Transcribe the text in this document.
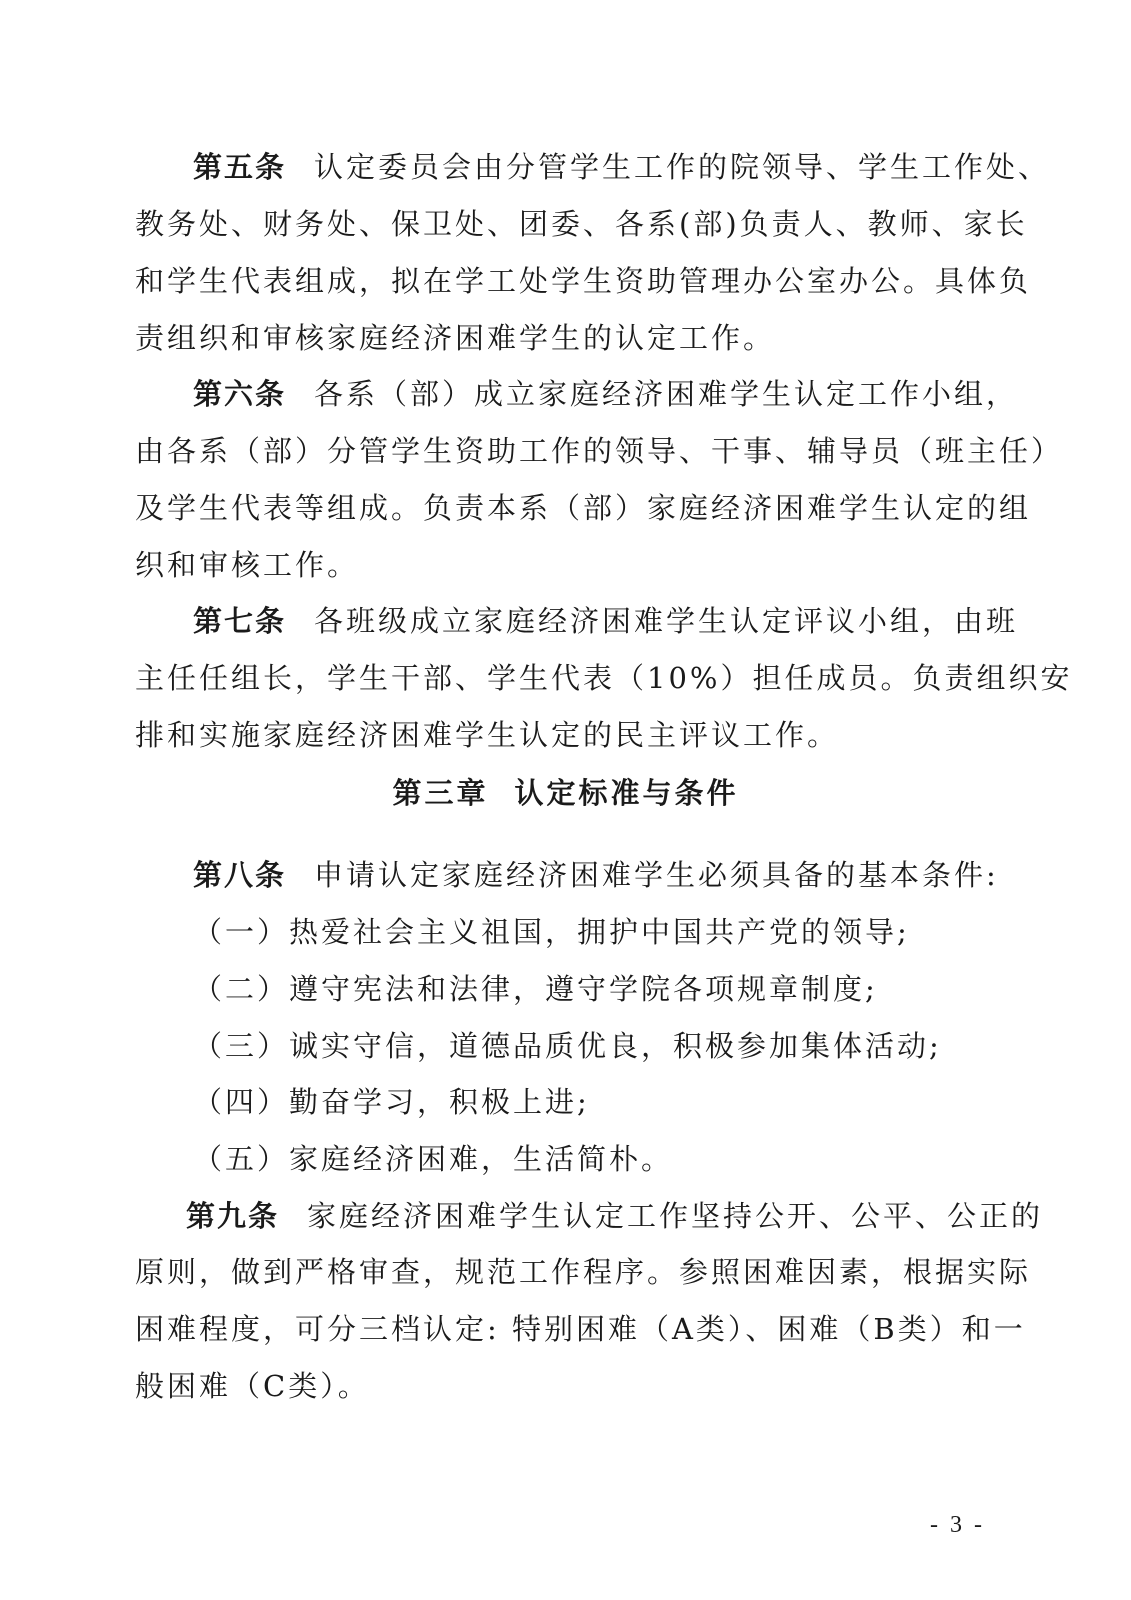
第五条 认定委员会由分管学生工作的院领导、学生工作处、
教务处、财务处、保卫处、团委、各系(部)负责人、教师、家长
和学生代表组成，拟在学工处学生资助管理办公室办公。具体负
责组织和审核家庭经济困难学生的认定工作。
第六条 各系（部）成立家庭经济困难学生认定工作小组，
由各系（部）分管学生资助工作的领导、干事、辅导员（班主任）
及学生代表等组成。负责本系（部）家庭经济困难学生认定的组
织和审核工作。
第七条 各班级成立家庭经济困难学生认定评议小组，由班
主任任组长，学生干部、学生代表（10%）担任成员。负责组织安
排和实施家庭经济困难学生认定的民主评议工作。
第三章 认定标准与条件
第八条 申请认定家庭经济困难学生必须具备的基本条件:
（一）热爱社会主义祖国，拥护中国共产党的领导;
（二）遵守宪法和法律，遵守学院各项规章制度;
（三）诚实守信，道德品质优良，积极参加集体活动;
（四）勤奋学习，积极上进;
（五）家庭经济困难，生活简朴。
第九条 家庭经济困难学生认定工作坚持公开、公平、公正的
原则，做到严格审查，规范工作程序。参照困难因素，根据实际
困难程度，可分三档认定: 特别困难（A类）、困难（B类）和一
般困难（C类）。
- 3 -
